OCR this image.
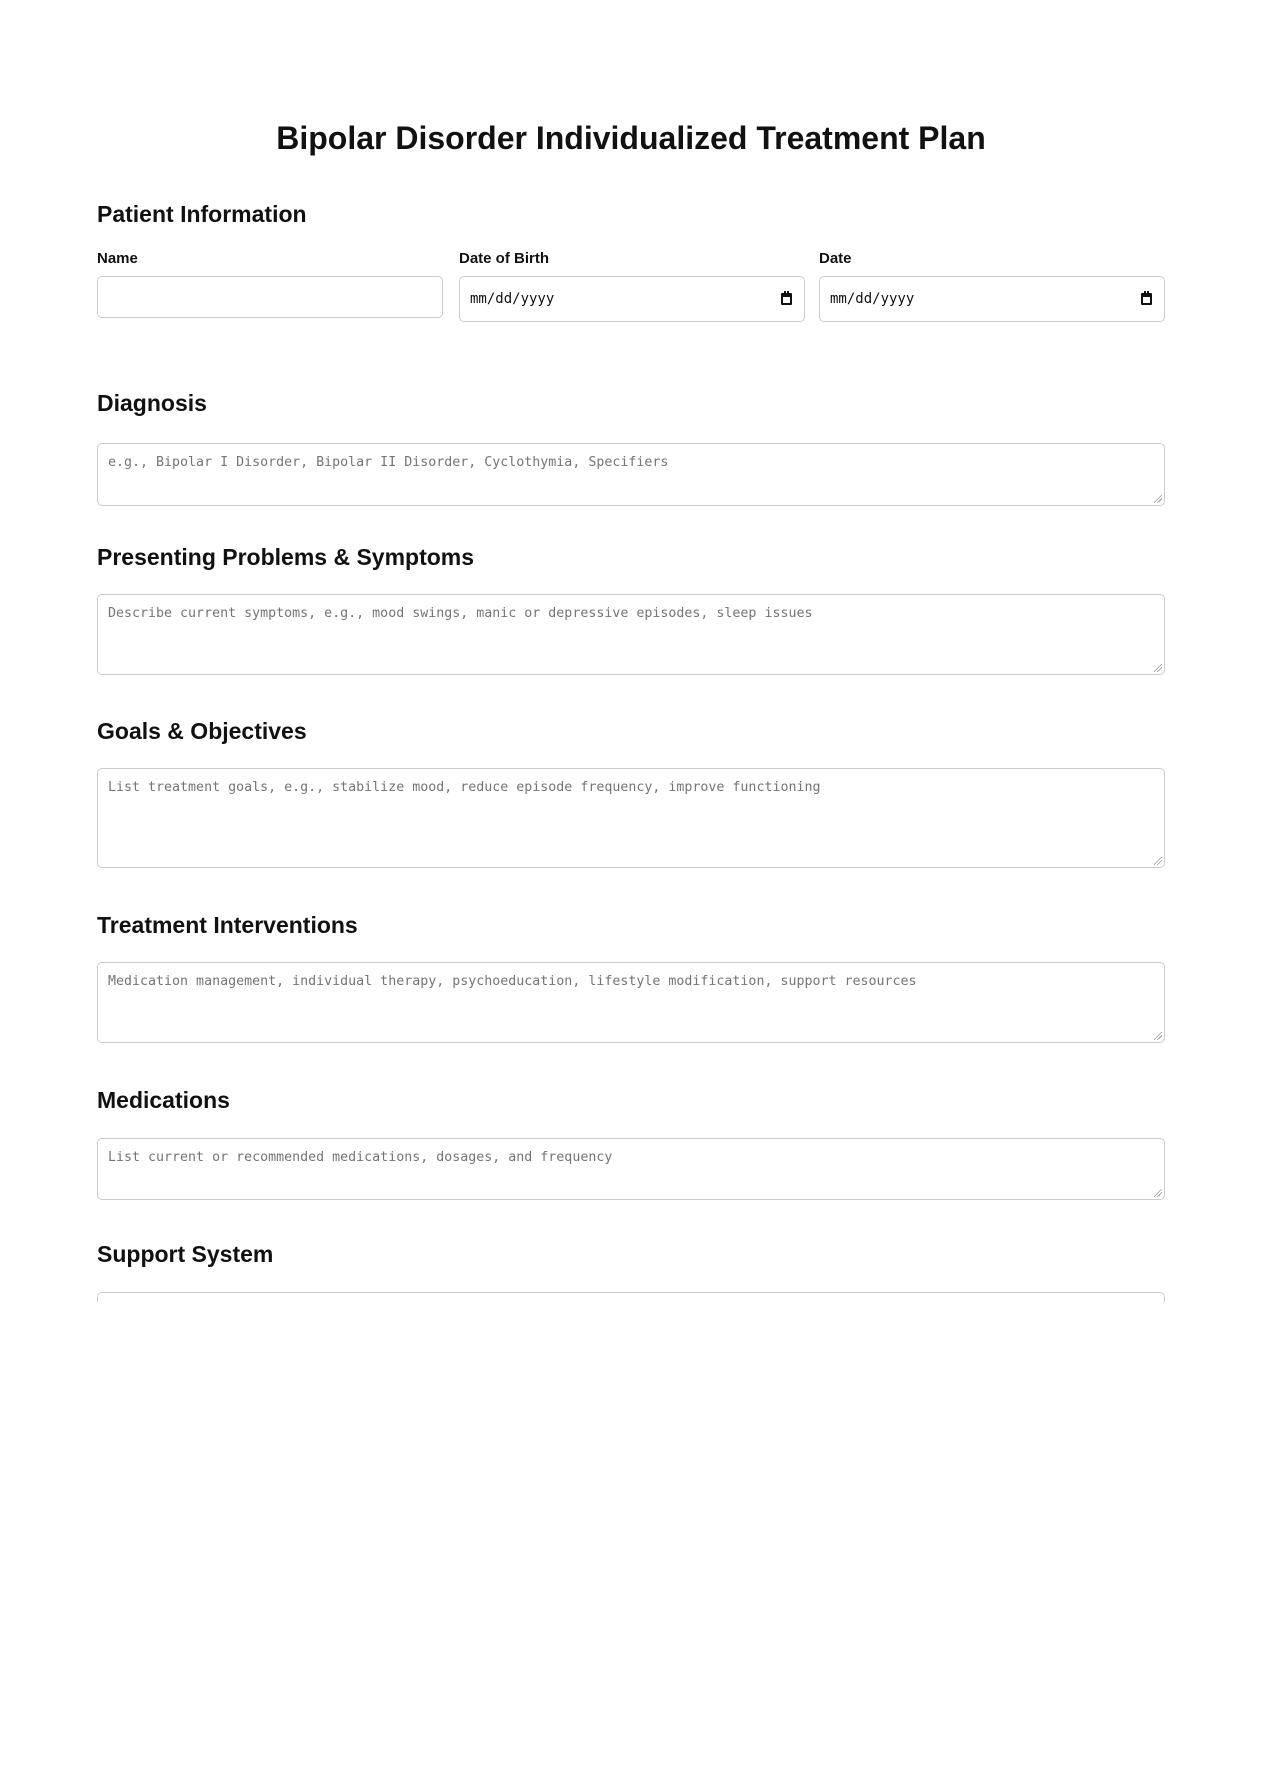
Bipolar Disorder Individualized Treatment Plan
Patient Information
Name	Date of Birth
mm/dd/yyyy
Date
mm/dd/yyyy
Diagnosis
e.g., Bipolar I Disorder, Bipolar II Disorder, Cyclothymia, Specifiers
Presenting Problems & Symptoms
Describe current symptoms, e.g., mood swings, manic or depressive episodes, sleep issues
Goals & Objectives
List treatment goals, e.g., stabilize mood, reduce episode frequency, improve functioning
Treatment Interventions
Medication management, individual therapy, psychoeducation, lifestyle modification, support resources
Medications
List current or recommended medications, dosages, and frequency
Support System
